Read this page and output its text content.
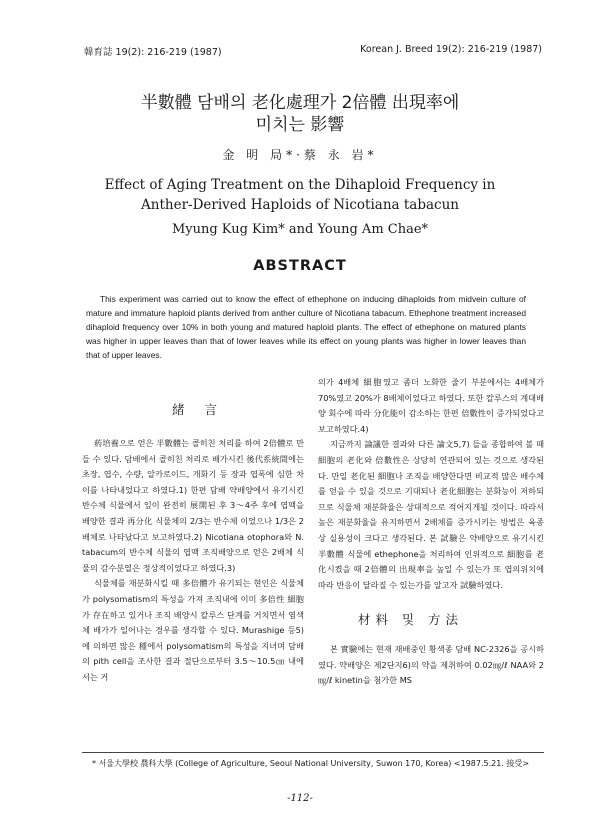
韓育誌 19(2): 216-219 (1987)	Korean J. Breed 19(2): 216-219 (1987)
半數體 담배의 老化處理가 2倍體 出現率에
미치는 影響
金 明 局*·蔡 永 岩*
Effect of Aging Treatment on the Dihaploid Frequency in
Anther-Derived Haploids of Nicotiana tabacun
Myung Kug Kim* and Young Am Chae*
ABSTRACT
This experiment was carried out to know the effect of ethephone on inducing dihaploids from midvein culture of mature and immature haploid plants derived from anther culture of Nicotiana tabacum. Ethephone treatment increased dihaploid frequency over 10% in both young and matured haploid plants. The effect of ethephone on matured plants was higher in upper leaves than that of lower leaves while its effect on young plants was higher in lower leaves than that of upper leaves.
緒 言

葯培養으로 얻은 半數體는 콜히친 처리를 하여 2倍體로 만들 수 있다. 담배에서 콜히친 처리로 배가시킨 後代系統間에는 초장, 엽수, 수량, 알카로이드, 개화기 등 장과 엽폭에 심한 차이를 나타내었다고 하였다.1) 한편 담배 약배양에서 유기시킨 반수체 식물에서 잎이 완전히 展開된 후 3～4주 후에 엽맥을 배양한 결과 再分化 식물체의 2/3는 반수체 이었으나 1/3은 2배체로 나타났다고 보고하였다.2) Nicotiana otophora와 N. tabacum의 반수체 식물의 엽맥 조직배양으로 얻은 2배체 식물의 감수분열은 정상적이었다고 하였다.3)

식물체를 재분화시킬 때 多倍體가 유기되는 현인은 식물체가 polysomatism의 특성을 가져 조직내에 이미 多倍性 細胞가 存在하고 있거나 조직 배양시 칼루스 단계를 거치면서 염색체 배가가 일어나는 경우를 생각할 수 있다. Murashige 등5)에 의하면 많은 種에서 polysomatism의 특성을 지녀며 담배의 pith cell을 조사한 결과 절단으로부터 3.5～10.5㎝ 내에서는 거

의가 4배체 細胞였고 좀더 노화한 줄기 부분에서는 4배체가 70%였고 20%가 8배체이었다고 하였다. 또한 칼루스의 계대배양 회수에 따라 分化能이 감소하는 한편 倍數性이 증가되었다고 보고하였다.4)

지금까지 論議한 결과와 다른 論文5,7) 들을 종합하여 볼 때 細胞의 老化와 倍數性은 상당히 연관되어 있는 것으로 생각된다. 만일 老化된 細胞나 조직을 배양한다면 비교적 많은 배수체를 얻을 수 있을 것으로 기대되나 老化細胞는 분화능이 저하되므로 식물체 재분화율은 상대적으로 적어지게될 것이다. 따라서 높은 재분화율을 유지하면서 2배체를 증가시키는 방법은 육종상 실용성이 크다고 생각된다. 본 試驗은 약배양으로 유기시킨 半數體 식물에 ethephone을 처리하여 인위적으로 細胞를 老化시켰을 때 2倍體의 出現率을 높일 수 있는가 또 엽의위치에 따라 반응이 달라질 수 있는가를 알고자 試驗하였다.

材料 및 方法

본 實驗에는 현재 재배중인 황색종 담배 NC-2326을 공시하였다. 약배양은 제2단지6)의 약을 제취하여 0.02㎎/ℓ NAA와 2㎎/ℓ kinetin을 첨가한 MS

* 서울大學校 農科大學 (College of Agriculture, Seoul National University, Suwon 170, Korea) <1987.5.21. 接受>
-112-
